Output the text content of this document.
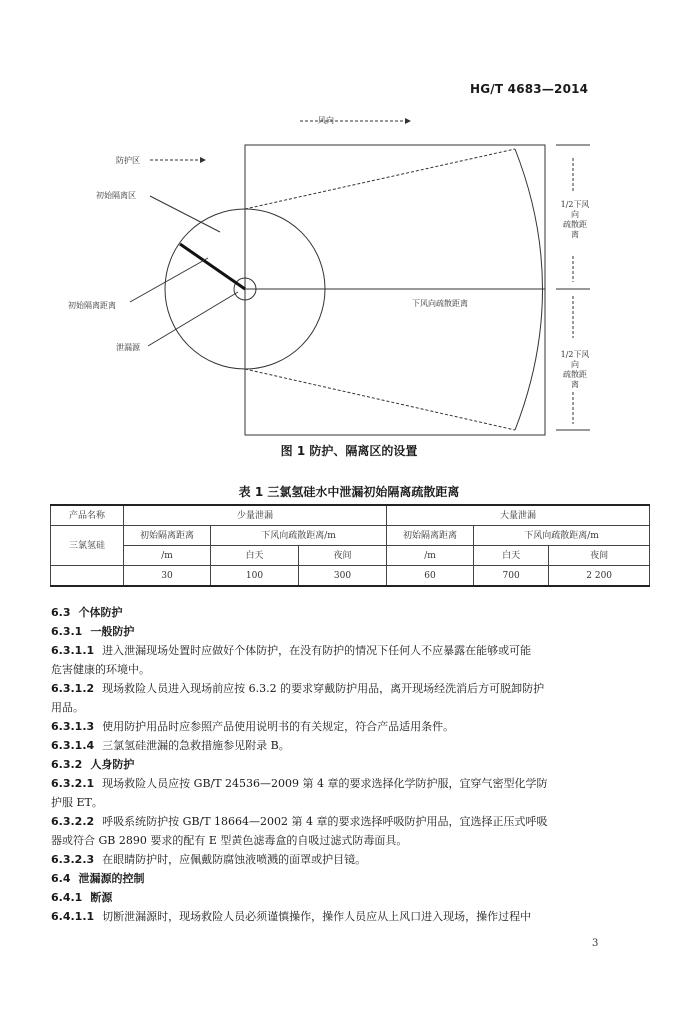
HG/T 4683—2014
风向
防护区
初始隔离区
初始隔离距离
泄漏源
下风向疏散距离
1/2下风向
疏散距离
1/2下风向
疏散距离
图 1 防护、隔离区的设置
表 1 三氯氢硅水中泄漏初始隔离疏散距离
产品名称	少量泄漏			大量泄漏		
三氯氢硅	初始隔离距离	下风向疏散距离/m		初始隔离距离	下风向疏散距离/m	
	/m	白天	夜间	/m	白天	夜间
	30	100	300	60	700	2 200
6.3 个体防护
6.3.1 一般防护
6.3.1.1 进入泄漏现场处置时应做好个体防护，在没有防护的情况下任何人不应暴露在能够或可能
危害健康的环境中。
6.3.1.2 现场救险人员进入现场前应按 6.3.2 的要求穿戴防护用品，离开现场经洗消后方可脱卸防护
用品。
6.3.1.3 使用防护用品时应参照产品使用说明书的有关规定，符合产品适用条件。
6.3.1.4 三氯氢硅泄漏的急救措施参见附录 B。
6.3.2 人身防护
6.3.2.1 现场救险人员应按 GB/T 24536—2009 第 4 章的要求选择化学防护服，宜穿气密型化学防
护服 ET。
6.3.2.2 呼吸系统防护按 GB/T 18664—2002 第 4 章的要求选择呼吸防护用品，宜选择正压式呼吸
器或符合 GB 2890 要求的配有 E 型黄色滤毒盒的自吸过滤式防毒面具。
6.3.2.3 在眼睛防护时，应佩戴防腐蚀液喷溅的面罩或护目镜。
6.4 泄漏源的控制
6.4.1 断源
6.4.1.1 切断泄漏源时，现场救险人员必须谨慎操作，操作人员应从上风口进入现场，操作过程中
3
